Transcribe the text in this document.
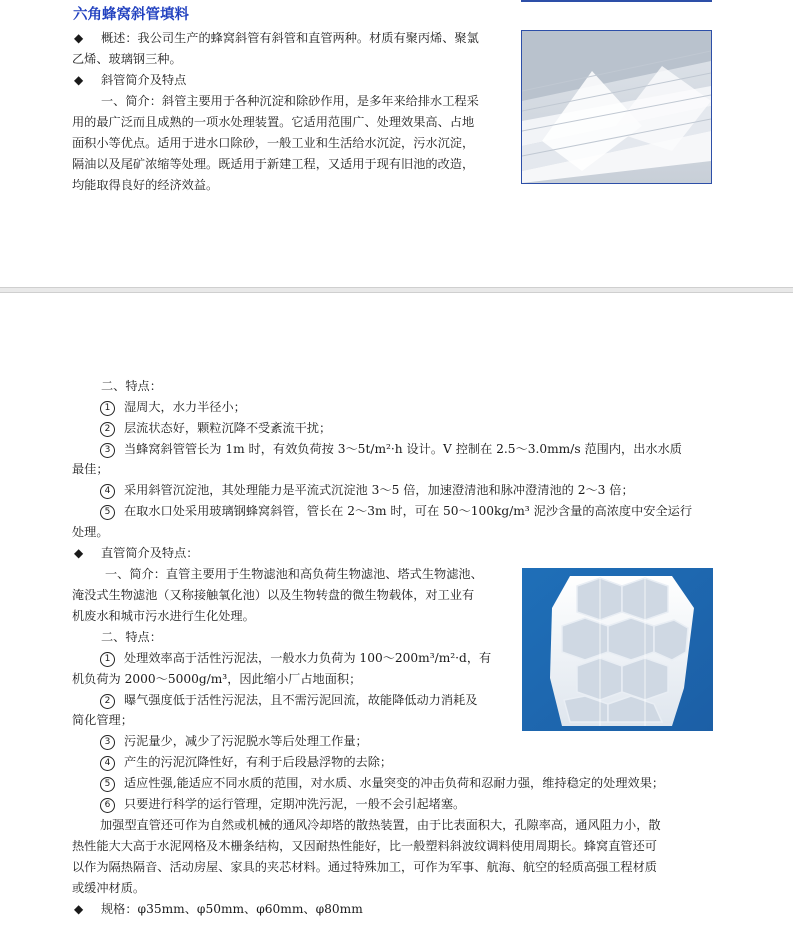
六角蜂窝斜管填料
◆ 概述：我公司生产的蜂窝斜管有斜管和直管两种。材质有聚丙烯、聚氯
乙烯、玻璃钢三种。
◆ 斜管简介及特点
一、简介：斜管主要用于各种沉淀和除砂作用，是多年来给排水工程采
用的最广泛而且成熟的一项水处理装置。它适用范围广、处理效果高、占地
面积小等优点。适用于进水口除砂，一般工业和生活给水沉淀，污水沉淀，
隔油以及尾矿浓缩等处理。既适用于新建工程，又适用于现有旧池的改造，
均能取得良好的经济效益。
二、特点：
1 湿周大，水力半径小；
2 层流状态好，颗粒沉降不受紊流干扰；
3 当蜂窝斜管管长为 1m 时，有效负荷按 3～5t/m²·h 设计。V 控制在 2.5～3.0mm/s 范围内，出水水质
最佳；
4 采用斜管沉淀池，其处理能力是平流式沉淀池 3～5 倍，加速澄清池和脉冲澄清池的 2～3 倍；
5 在取水口处采用玻璃钢蜂窝斜管，管长在 2～3m 时，可在 50～100kg/m³ 泥沙含量的高浓度中安全运行
处理。
◆ 直管简介及特点：
一、简介：直管主要用于生物滤池和高负荷生物滤池、塔式生物滤池、
淹没式生物滤池（又称接触氧化池）以及生物转盘的微生物载体，对工业有
机废水和城市污水进行生化处理。
二、特点：
1 处理效率高于活性污泥法，一般水力负荷为 100～200m³/m²·d，有
机负荷为 2000～5000g/m³，因此缩小厂占地面积；
2 曝气强度低于活性污泥法，且不需污泥回流，故能降低动力消耗及
简化管理；
3 污泥量少，减少了污泥脱水等后处理工作量；
4 产生的污泥沉降性好，有利于后段悬浮物的去除；
5 适应性强,能适应不同水质的范围，对水质、水量突变的冲击负荷和忍耐力强，维持稳定的处理效果；
6 只要进行科学的运行管理，定期冲洗污泥，一般不会引起堵塞。
加强型直管还可作为自然或机械的通风冷却塔的散热装置，由于比表面积大，孔隙率高，通风阻力小，散
热性能大大高于水泥网格及木栅条结构，又因耐热性能好，比一般塑料斜波纹调料使用周期长。蜂窝直管还可
以作为隔热隔音、活动房屋、家具的夹芯材料。通过特殊加工，可作为军事、航海、航空的轻质高强工程材质
或缓冲材质。
◆ 规格：φ35mm、φ50mm、φ60mm、φ80mm
